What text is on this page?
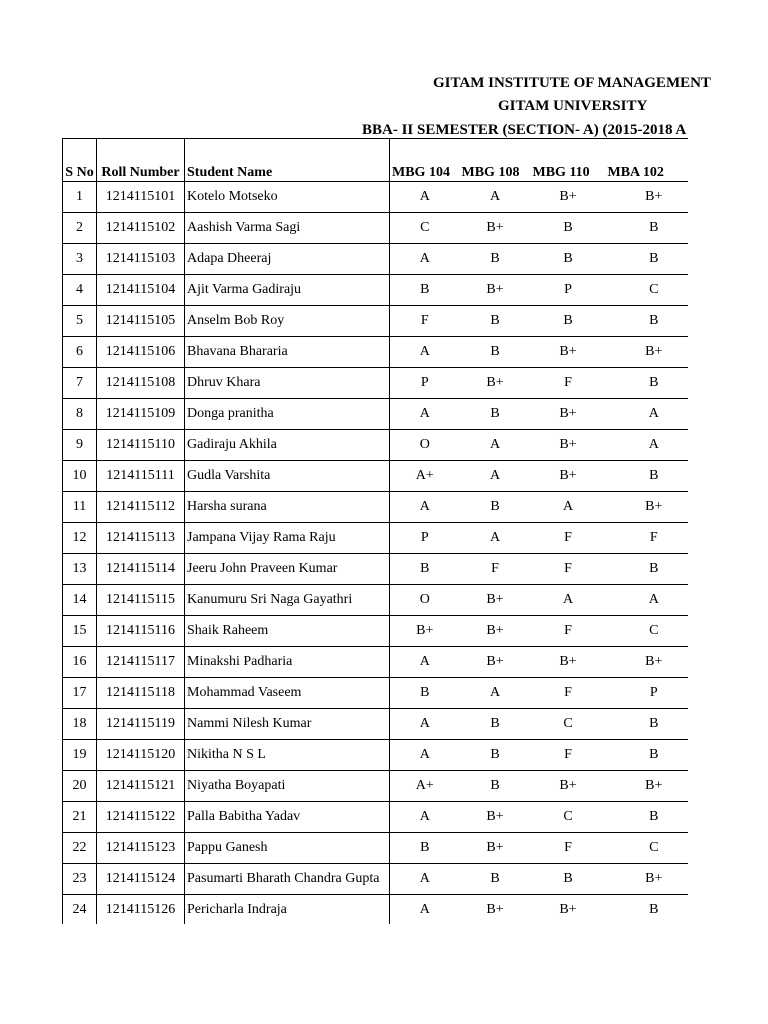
GITAM INSTITUTE OF MANAGEMENT
GITAM UNIVERSITY
BBA- II SEMESTER (SECTION- A) (2015-2018 A
S No	Roll Number	Student Name	MBG 104	MBG 108	MBG 110	MBA 102
1	1214115101	Kotelo Motseko	A	A	B+	B+
2	1214115102	Aashish Varma Sagi	C	B+	B	B
3	1214115103	Adapa Dheeraj	A	B	B	B
4	1214115104	Ajit Varma Gadiraju	B	B+	P	C
5	1214115105	Anselm Bob Roy	F	B	B	B
6	1214115106	Bhavana Bhararia	A	B	B+	B+
7	1214115108	Dhruv Khara	P	B+	F	B
8	1214115109	Donga pranitha	A	B	B+	A
9	1214115110	Gadiraju Akhila	O	A	B+	A
10	1214115111	Gudla Varshita	A+	A	B+	B
11	1214115112	Harsha surana	A	B	A	B+
12	1214115113	Jampana Vijay Rama Raju	P	A	F	F
13	1214115114	Jeeru John Praveen Kumar	B	F	F	B
14	1214115115	Kanumuru Sri Naga Gayathri	O	B+	A	A
15	1214115116	Shaik Raheem	B+	B+	F	C
16	1214115117	Minakshi Padharia	A	B+	B+	B+
17	1214115118	Mohammad Vaseem	B	A	F	P
18	1214115119	Nammi Nilesh Kumar	A	B	C	B
19	1214115120	Nikitha N S L	A	B	F	B
20	1214115121	Niyatha Boyapati	A+	B	B+	B+
21	1214115122	Palla Babitha Yadav	A	B+	C	B
22	1214115123	Pappu Ganesh	B	B+	F	C
23	1214115124	Pasumarti Bharath Chandra Gupta	A	B	B	B+
24	1214115126	Pericharla Indraja	A	B+	B+	B
